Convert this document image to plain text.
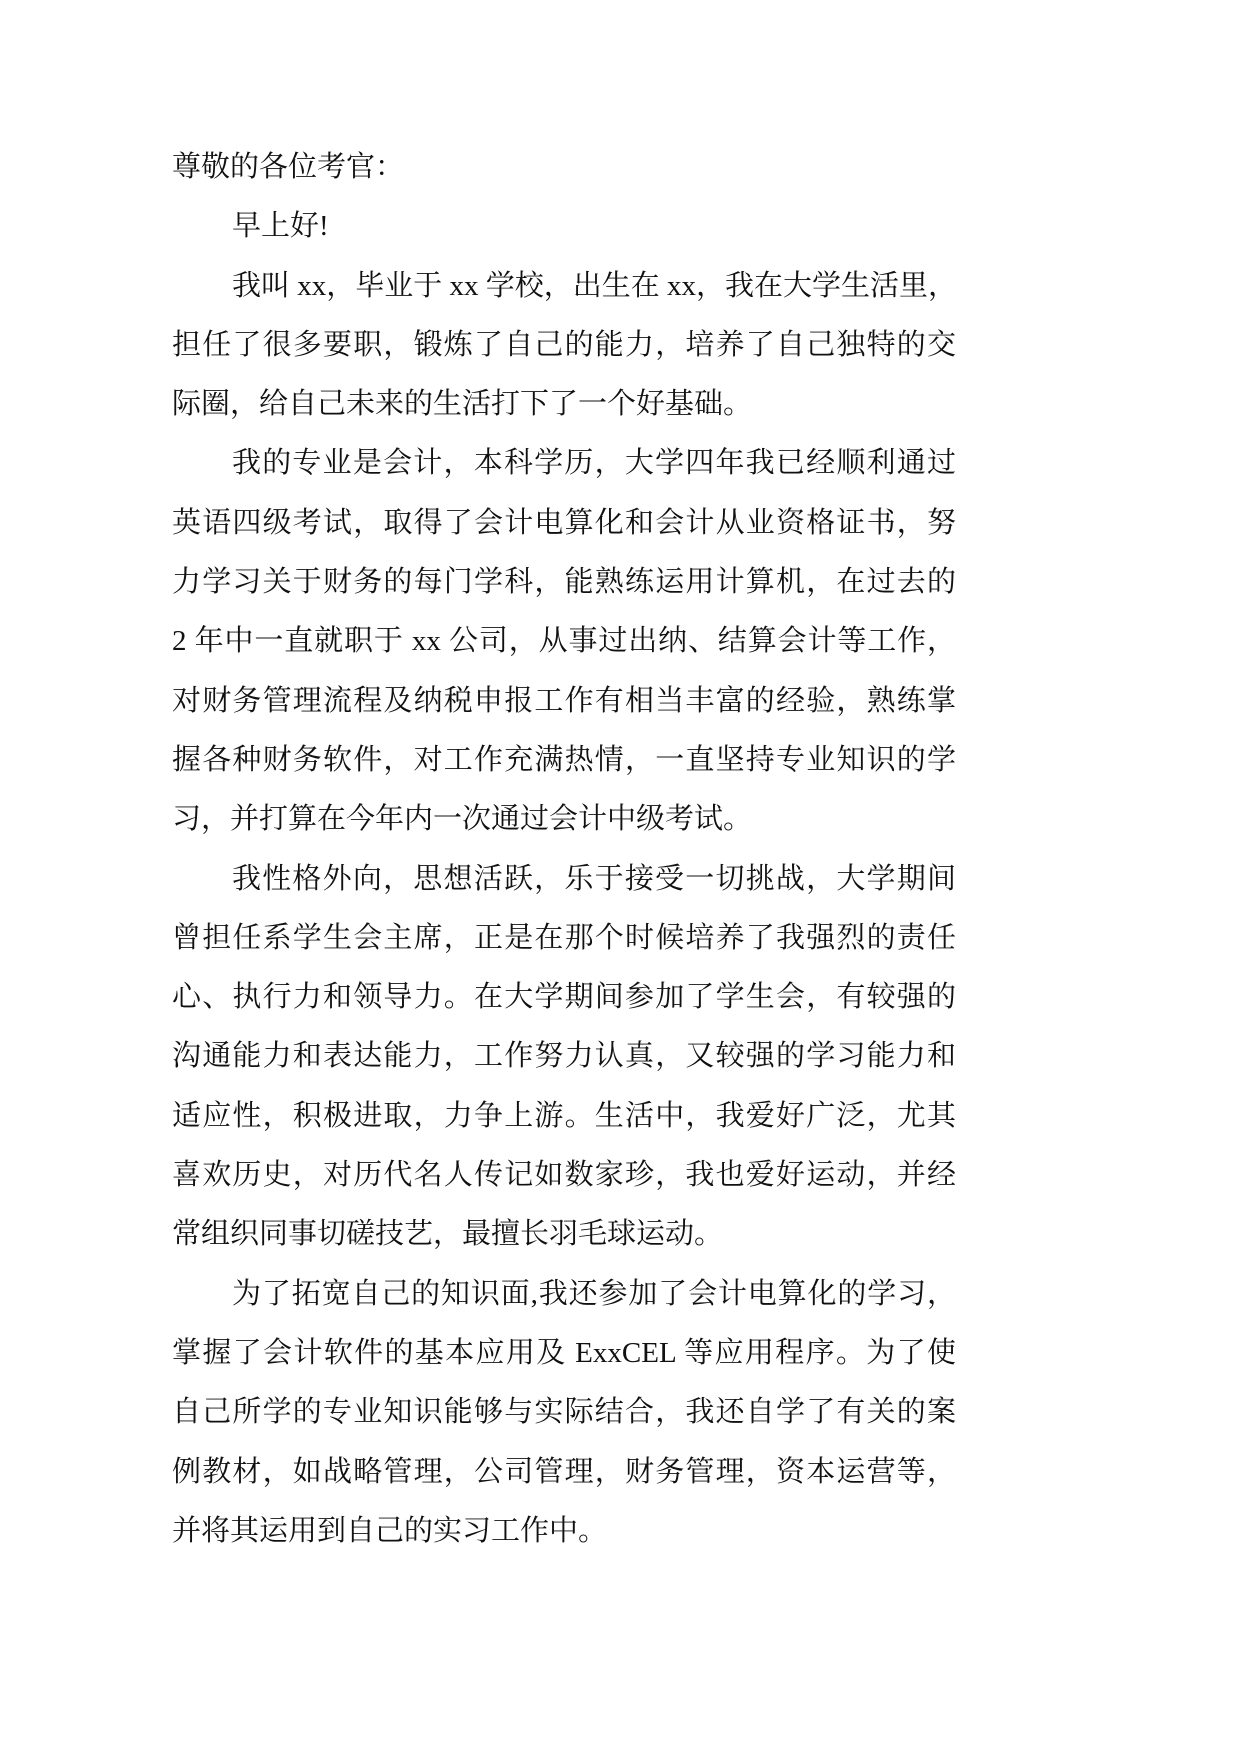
尊敬的各位考官：
早上好!
我叫 xx，毕业于 xx 学校，出生在 xx，我在大学生活里，
担任了很多要职，锻炼了自己的能力，培养了自己独特的交
际圈，给自己未来的生活打下了一个好基础。
我的专业是会计，本科学历，大学四年我已经顺利通过
英语四级考试，取得了会计电算化和会计从业资格证书，努
力学习关于财务的每门学科，能熟练运用计算机，在过去的
2 年中一直就职于 xx 公司，从事过出纳、结算会计等工作，
对财务管理流程及纳税申报工作有相当丰富的经验，熟练掌
握各种财务软件，对工作充满热情，一直坚持专业知识的学
习，并打算在今年内一次通过会计中级考试。
我性格外向，思想活跃，乐于接受一切挑战，大学期间
曾担任系学生会主席，正是在那个时候培养了我强烈的责任
心、执行力和领导力。在大学期间参加了学生会，有较强的
沟通能力和表达能力，工作努力认真，又较强的学习能力和
适应性，积极进取，力争上游。生活中，我爱好广泛，尤其
喜欢历史，对历代名人传记如数家珍，我也爱好运动，并经
常组织同事切磋技艺，最擅长羽毛球运动。
为了拓宽自己的知识面,我还参加了会计电算化的学习，
掌握了会计软件的基本应用及 ExxCEL 等应用程序。为了使
自己所学的专业知识能够与实际结合，我还自学了有关的案
例教材，如战略管理，公司管理，财务管理，资本运营等，
并将其运用到自己的实习工作中。
